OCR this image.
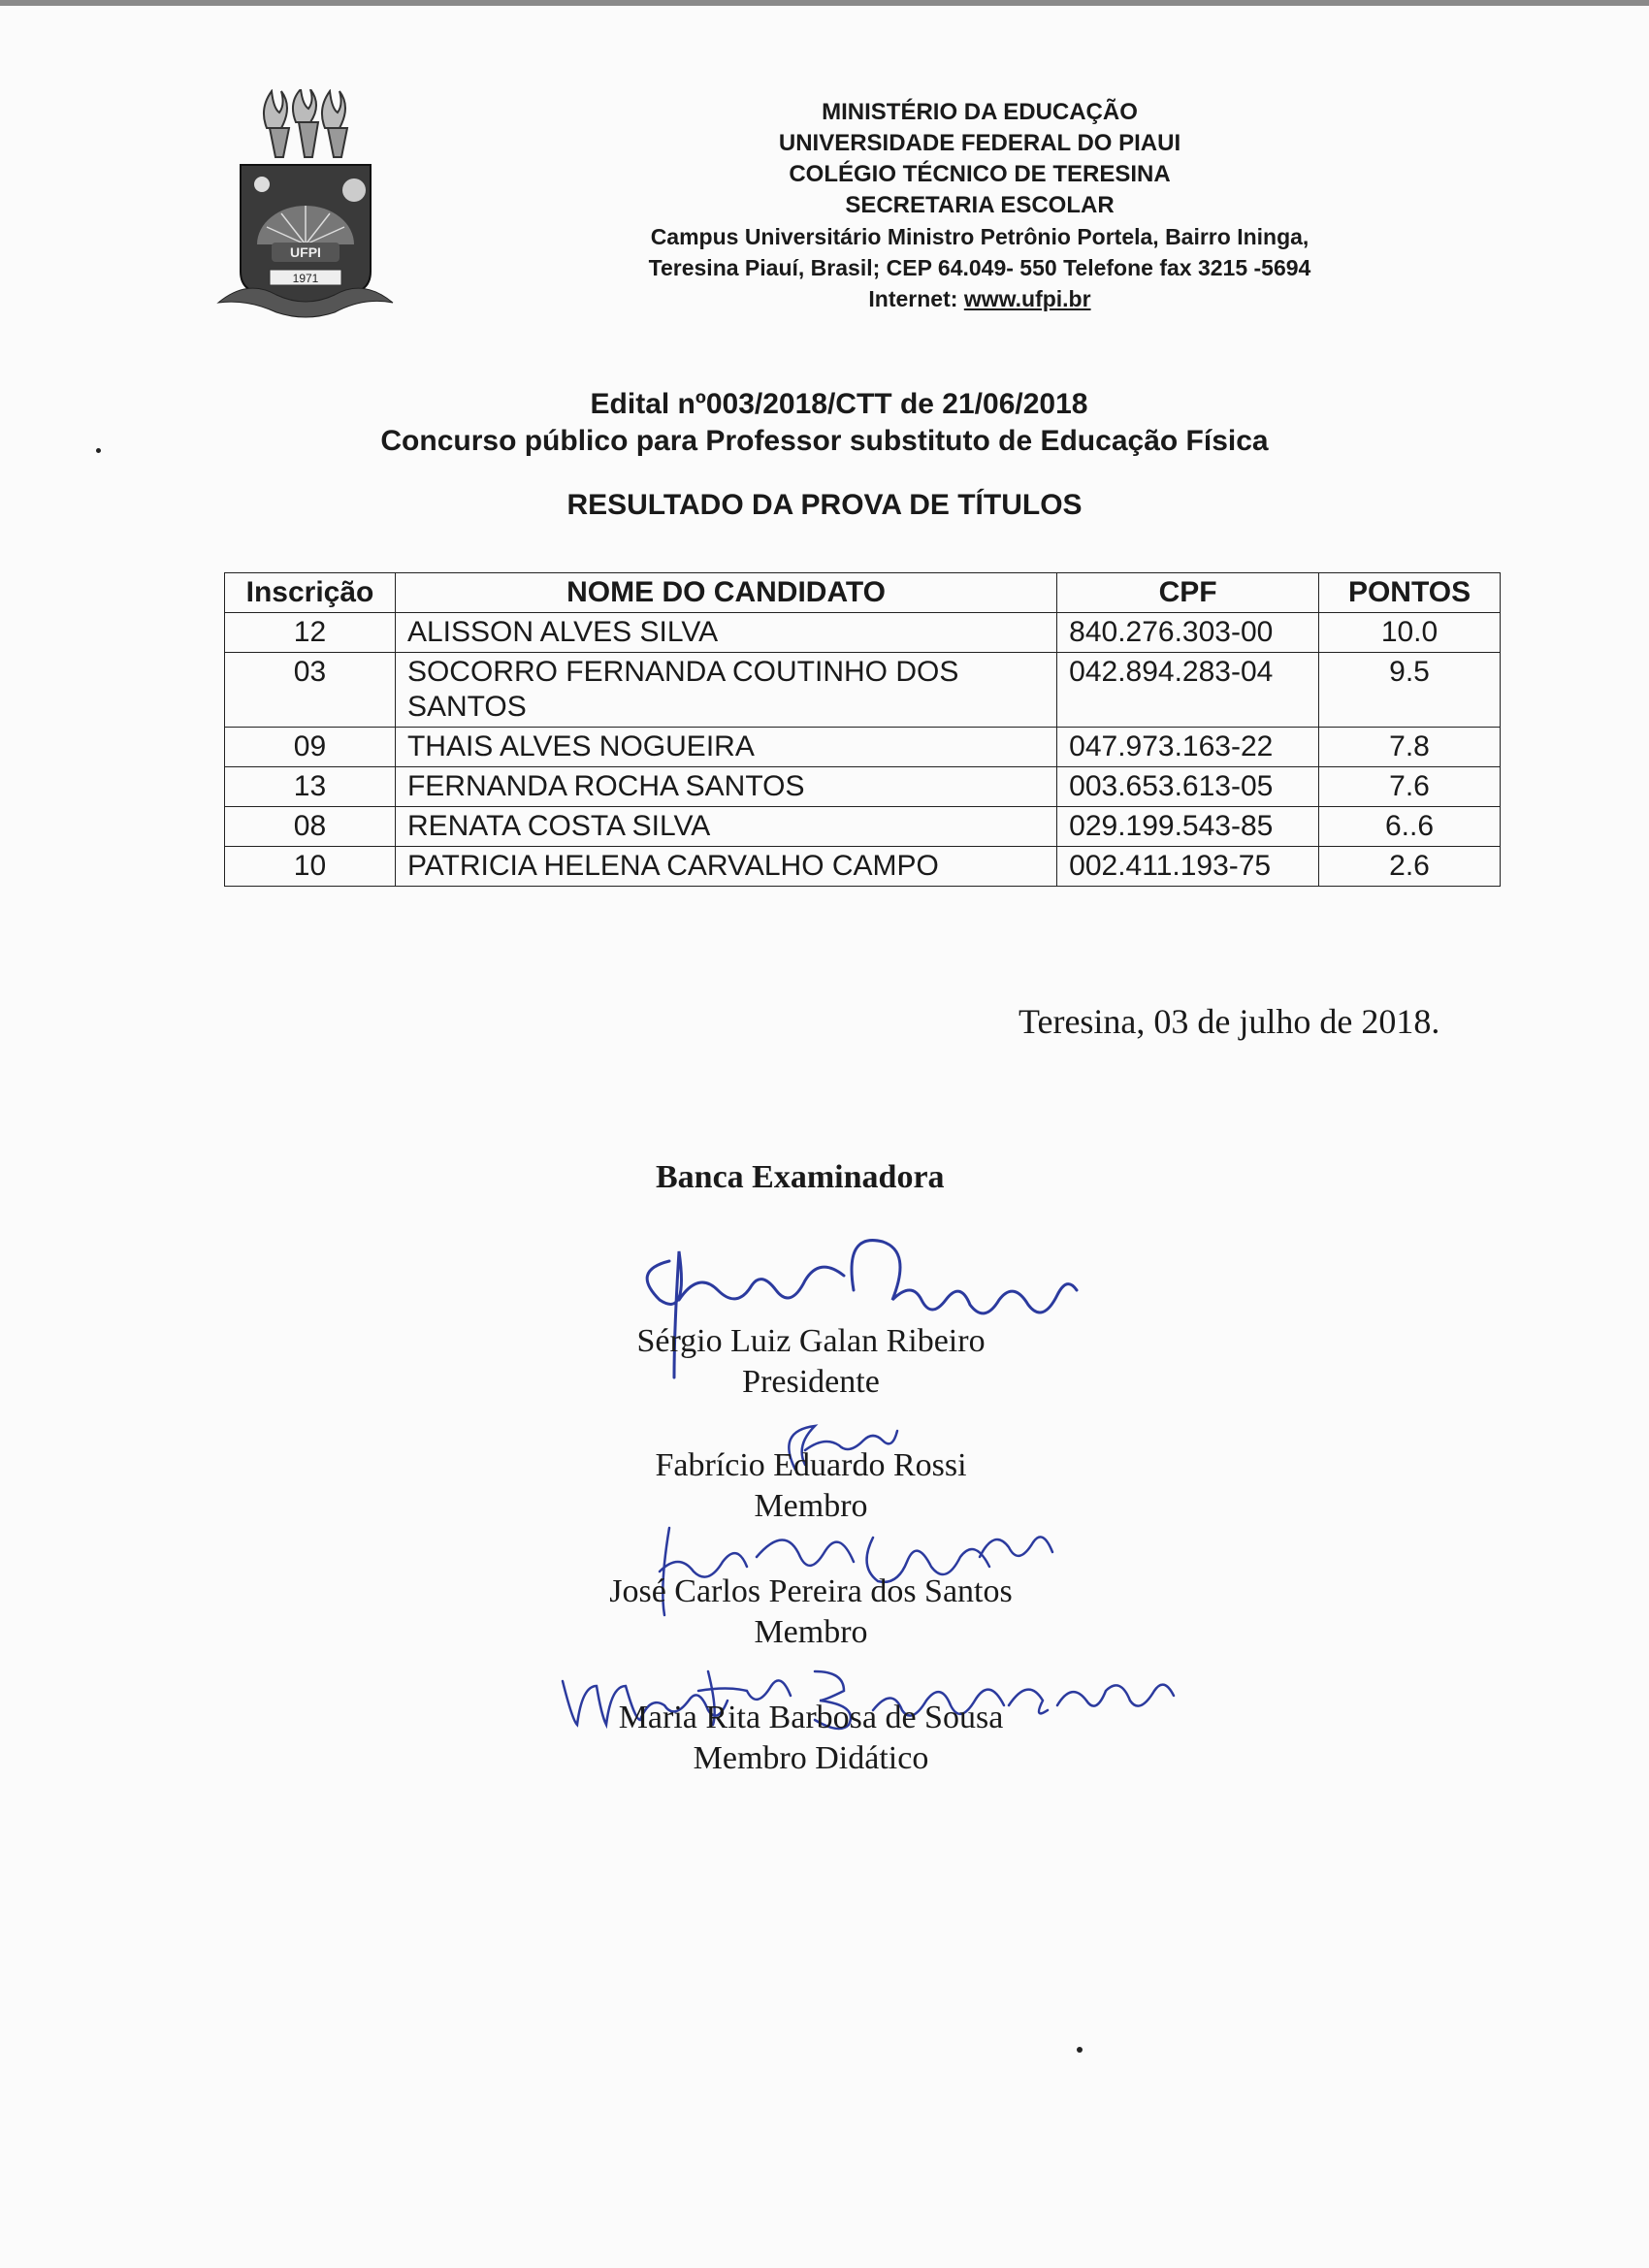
UFPI
1971
MINISTÉRIO DA EDUCAÇÃO
UNIVERSIDADE FEDERAL DO PIAUI
COLÉGIO TÉCNICO DE TERESINA
SECRETARIA ESCOLAR
Campus Universitário Ministro Petrônio Portela, Bairro Ininga,
Teresina Piauí, Brasil; CEP 64.049- 550 Telefone fax 3215 -5694
Internet: www.ufpi.br
Edital nº003/2018/CTT de 21/06/2018
Concurso público para Professor substituto de Educação Física
RESULTADO DA PROVA DE TÍTULOS
Inscrição	NOME DO CANDIDATO	CPF	PONTOS
12	ALISSON ALVES SILVA	840.276.303-00	10.0
03	SOCORRO FERNANDA COUTINHO DOS SANTOS	042.894.283-04	9.5
09	THAIS ALVES NOGUEIRA	047.973.163-22	7.8
13	FERNANDA ROCHA SANTOS	003.653.613-05	7.6
08	RENATA COSTA SILVA	029.199.543-85	6..6
10	PATRICIA HELENA CARVALHO CAMPO	002.411.193-75	2.6
Teresina, 03 de julho de 2018.
Banca Examinadora
Sérgio Luiz Galan Ribeiro
Presidente
Fabrício Eduardo Rossi
Membro
José Carlos Pereira dos Santos
Membro
Maria Rita Barbosa de Sousa
Membro Didático
